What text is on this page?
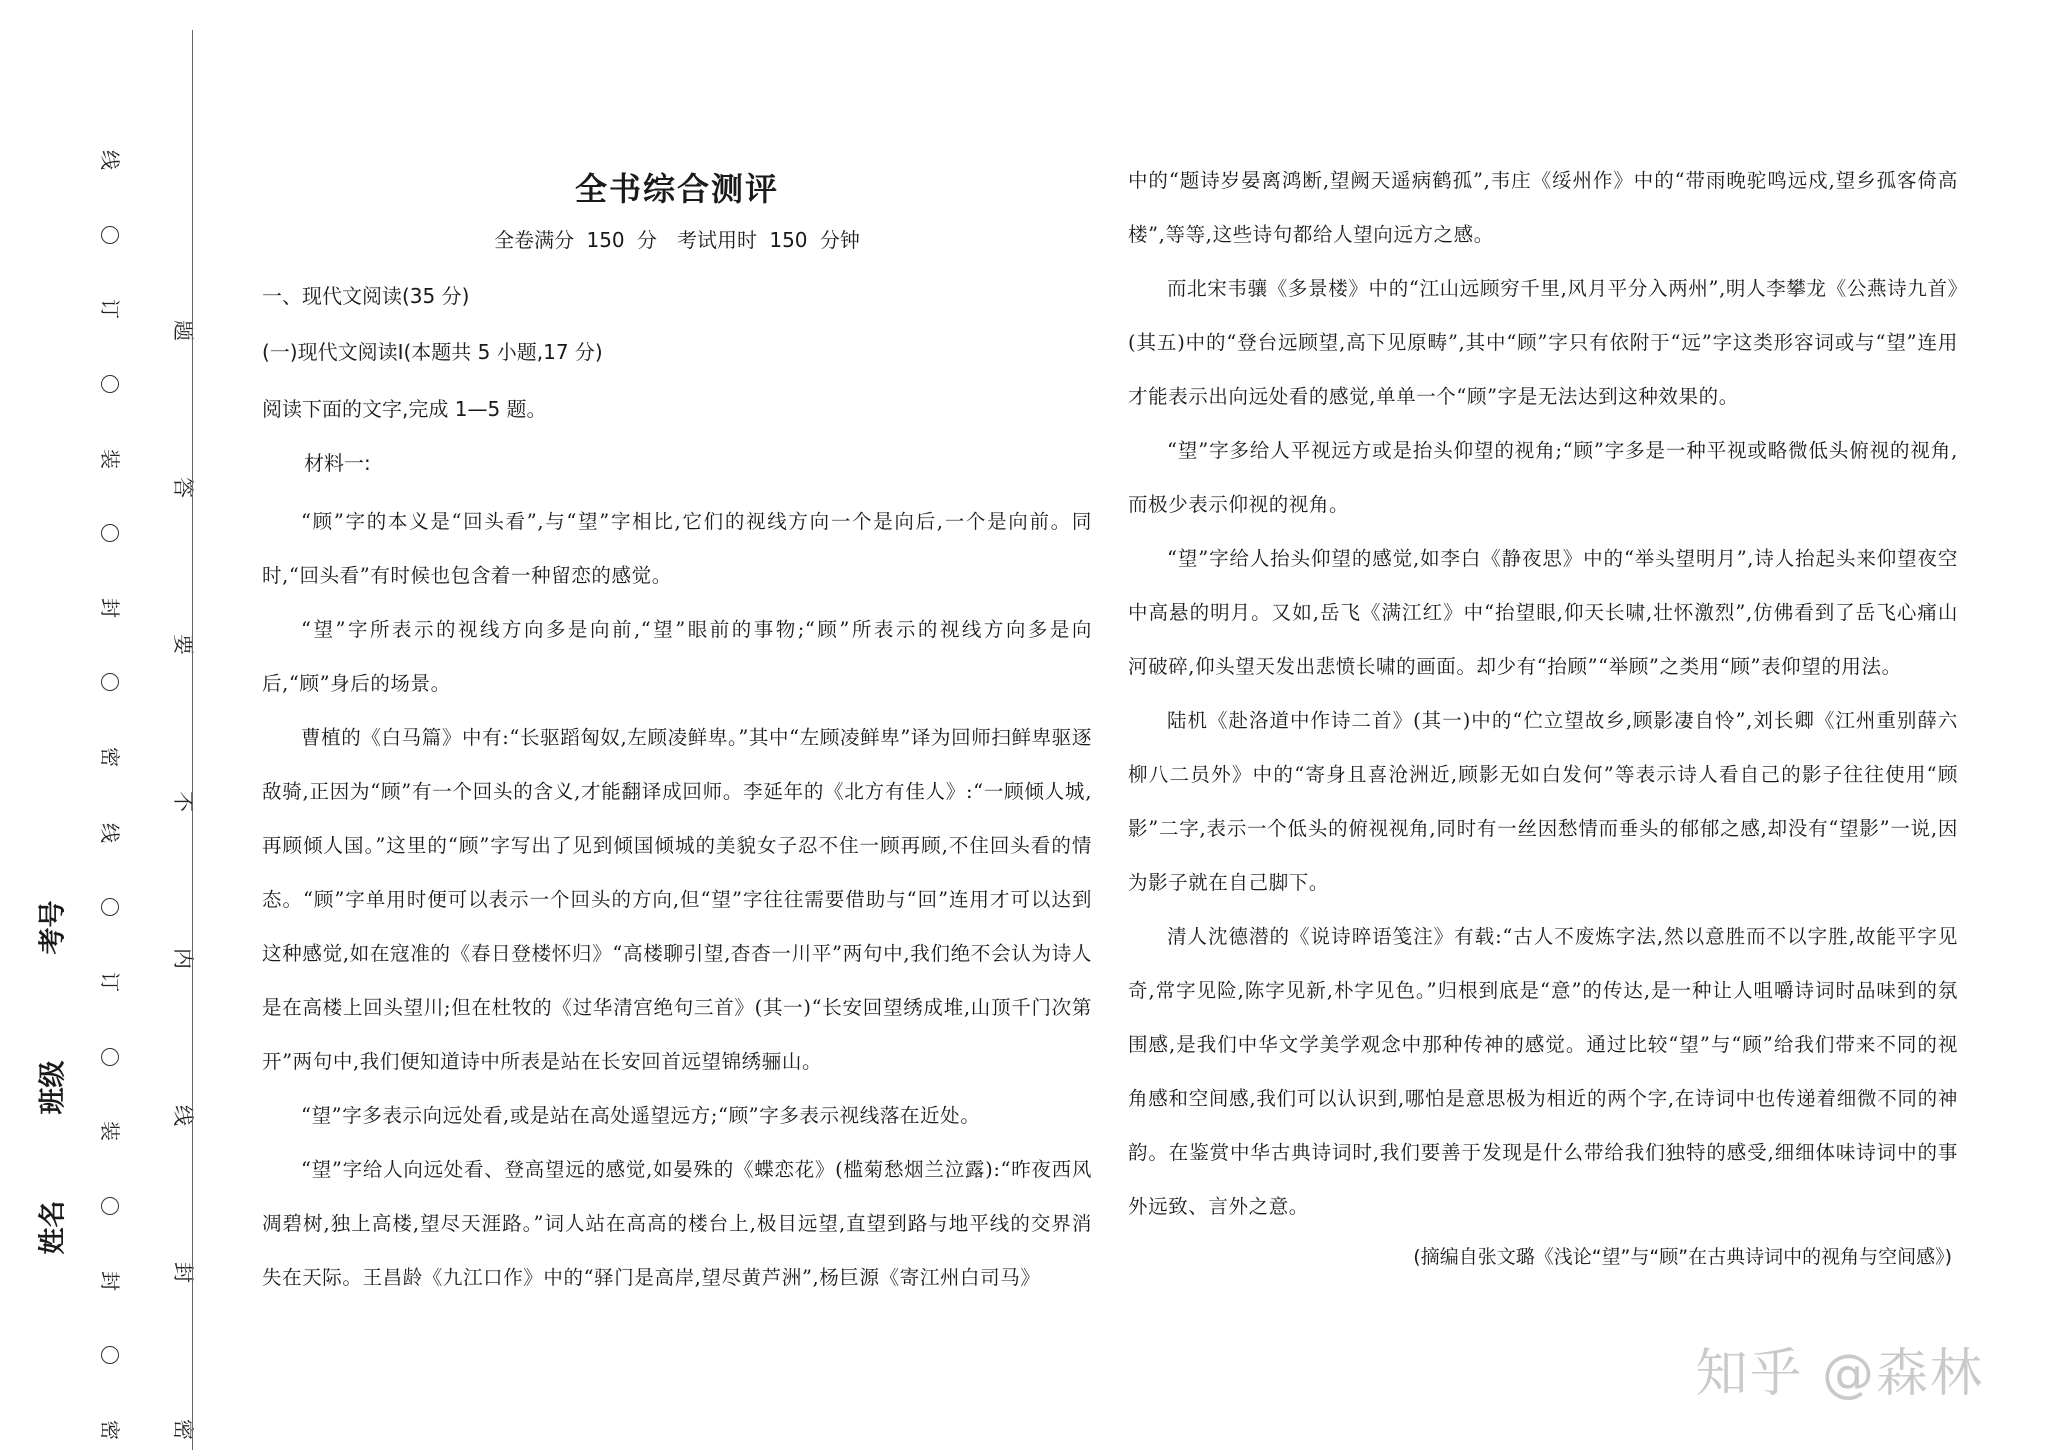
线
订
装
封
密
线
订
装
封
密
题
答
要
不
内
线
封
密
考号
班级
姓名
全书综合测评
全卷满分 150 分　考试用时 150 分钟
一、现代文阅读(35 分)
(一)现代文阅读Ⅰ(本题共 5 小题,17 分)
阅读下面的文字,完成 1—5 题。
材料一:

“顾”字的本义是“回头看”,与“望”字相比,它们的视线方向一个是向后,一个是向前。同时,“回头看”有时候也包含着一种留恋的感觉。

“望”字所表示的视线方向多是向前,“望”眼前的事物;“顾”所表示的视线方向多是向后,“顾”身后的场景。

曹植的《白马篇》中有:“长驱蹈匈奴,左顾凌鲜卑。”其中“左顾凌鲜卑”译为回师扫鲜卑驱逐敌骑,正因为“顾”有一个回头的含义,才能翻译成回师。李延年的《北方有佳人》:“一顾倾人城,再顾倾人国。”这里的“顾”字写出了见到倾国倾城的美貌女子忍不住一顾再顾,不住回头看的情态。“顾”字单用时便可以表示一个回头的方向,但“望”字往往需要借助与“回”连用才可以达到这种感觉,如在寇准的《春日登楼怀归》“高楼聊引望,杳杳一川平”两句中,我们绝不会认为诗人是在高楼上回头望川;但在杜牧的《过华清宫绝句三首》(其一)“长安回望绣成堆,山顶千门次第开”两句中,我们便知道诗中所表是站在长安回首远望锦绣骊山。

“望”字多表示向远处看,或是站在高处遥望远方;“顾”字多表示视线落在近处。

“望”字给人向远处看、登高望远的感觉,如晏殊的《蝶恋花》(槛菊愁烟兰泣露):“昨夜西风凋碧树,独上高楼,望尽天涯路。”词人站在高高的楼台上,极目远望,直望到路与地平线的交界消失在天际。王昌龄《九江口作》中的“驿门是高岸,望尽黄芦洲”,杨巨源《寄江州白司马》

中的“题诗岁晏离鸿断,望阙天遥病鹤孤”,韦庄《绥州作》中的“带雨晚驼鸣远戍,望乡孤客倚高楼”,等等,这些诗句都给人望向远方之感。

而北宋韦骧《多景楼》中的“江山远顾穷千里,风月平分入两州”,明人李攀龙《公燕诗九首》(其五)中的“登台远顾望,高下见原畴”,其中“顾”字只有依附于“远”字这类形容词或与“望”连用才能表示出向远处看的感觉,单单一个“顾”字是无法达到这种效果的。

“望”字多给人平视远方或是抬头仰望的视角;“顾”字多是一种平视或略微低头俯视的视角,而极少表示仰视的视角。

“望”字给人抬头仰望的感觉,如李白《静夜思》中的“举头望明月”,诗人抬起头来仰望夜空中高悬的明月。又如,岳飞《满江红》中“抬望眼,仰天长啸,壮怀激烈”,仿佛看到了岳飞心痛山河破碎,仰头望天发出悲愤长啸的画面。却少有“抬顾”“举顾”之类用“顾”表仰望的用法。

陆机《赴洛道中作诗二首》(其一)中的“伫立望故乡,顾影凄自怜”,刘长卿《江州重别薛六柳八二员外》中的“寄身且喜沧洲近,顾影无如白发何”等表示诗人看自己的影子往往使用“顾影”二字,表示一个低头的俯视视角,同时有一丝因愁情而垂头的郁郁之感,却没有“望影”一说,因为影子就在自己脚下。

清人沈德潜的《说诗晬语笺注》有载:“古人不废炼字法,然以意胜而不以字胜,故能平字见奇,常字见险,陈字见新,朴字见色。”归根到底是“意”的传达,是一种让人咀嚼诗词时品味到的氛围感,是我们中华文学美学观念中那种传神的感觉。通过比较“望”与“顾”给我们带来不同的视角感和空间感,我们可以认识到,哪怕是意思极为相近的两个字,在诗词中也传递着细微不同的神韵。在鉴赏中华古典诗词时,我们要善于发现是什么带给我们独特的感受,细细体味诗词中的事外远致、言外之意。

(摘编自张文璐《浅论“望”与“顾”在古典诗词中的视角与空间感》)
知乎 @森林
